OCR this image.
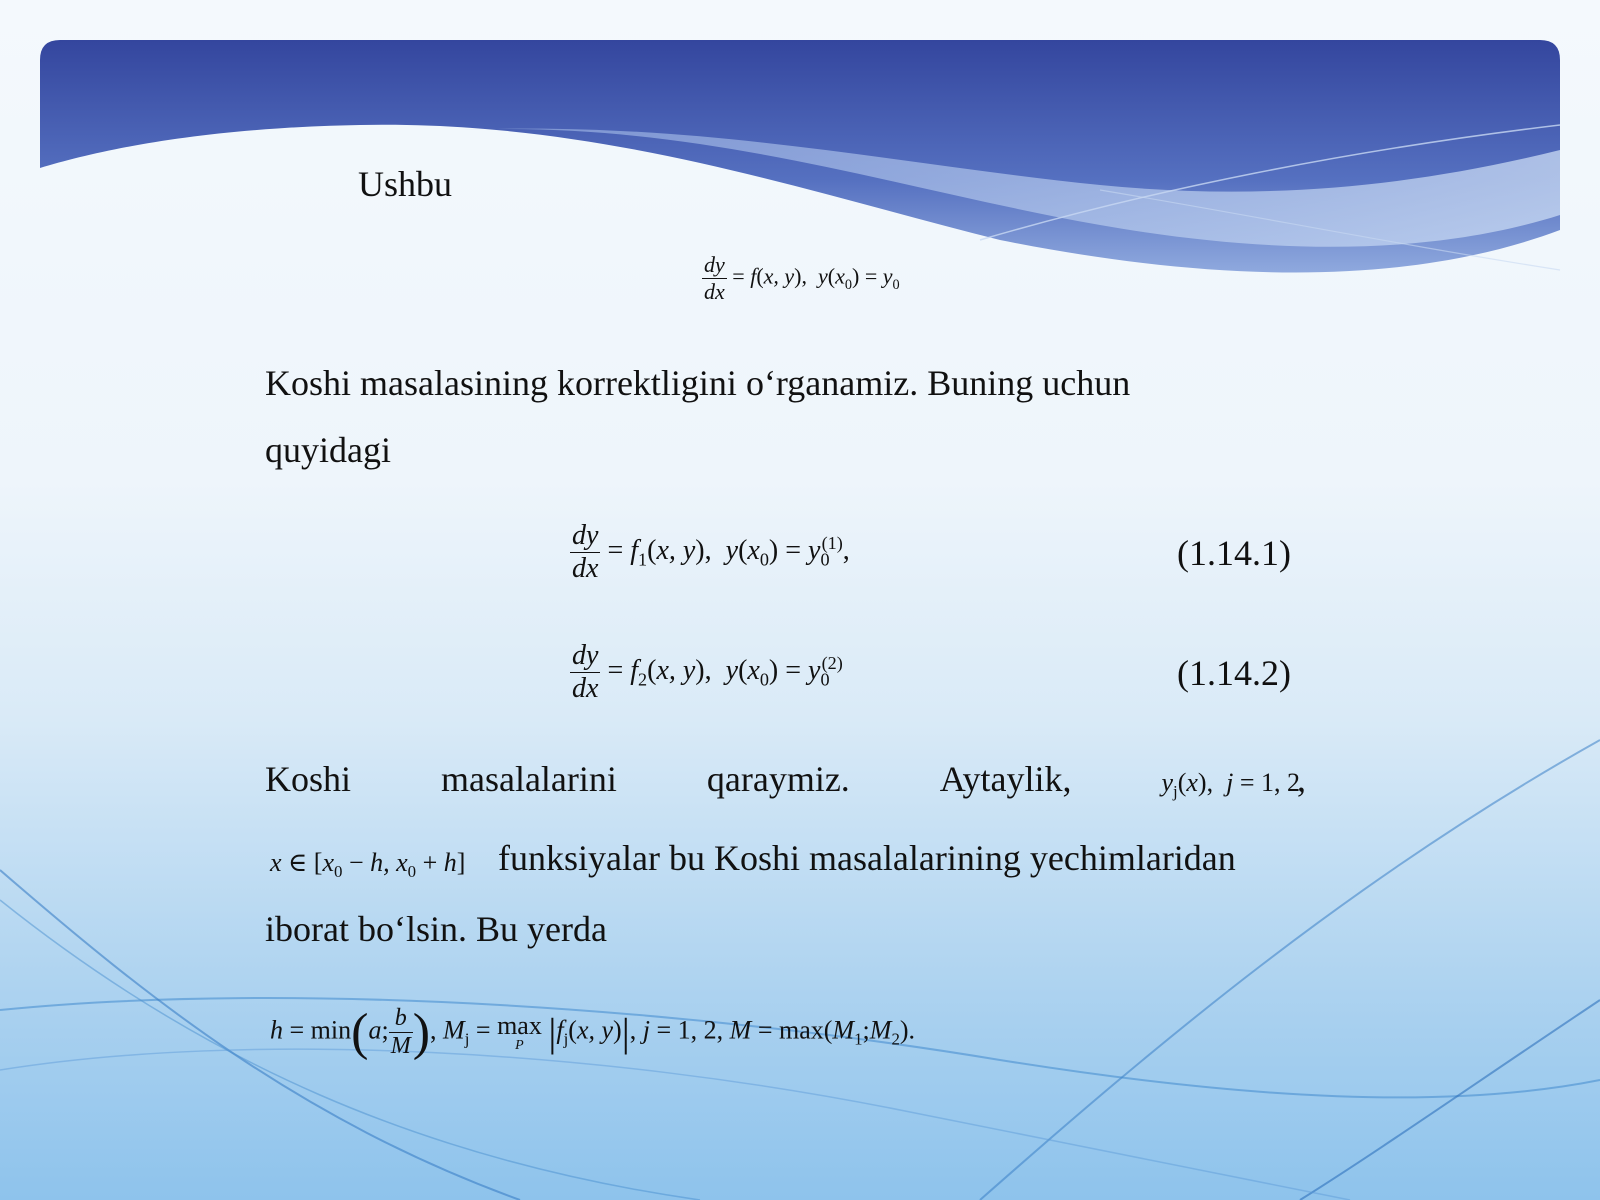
Ushbu
$\frac{dy}{dx} = f(x$, y),  $y(x_0) = y_0$
Koshi masalasining korrektligini o‘rganamiz. Buning uchun
quyidagi
$\frac{dy}{dx} = f_1(x$, y),  $y(x_0) = y_0^{(1)}$,	(1.14.1)
$\frac{dy}{dx} = f_2(x$, y),  $y(x_0) = y_0^{(2)}$	(1.14.2)
Koshi masalalarini qaraymiz. Aytaylik,	$y_j(x)$,  j = 1, 2
,
x ∈ [$x_0 - h$, $x_0 + h$] funksiyalar bu Koshi masalalarining yechimlaridan
iborat bo‘lsin. Bu yerda
h = min(a; $\frac{b}{M}$ ), $M_j = \max$
P $|f_j(x$, y)|, j = 1, 2, $M = \max(M_1;M_2)$.
